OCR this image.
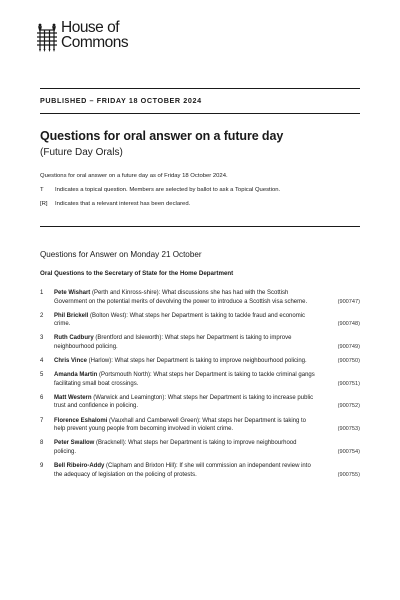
House of
Commons
PUBLISHED – FRIDAY 18 OCTOBER 2024
Questions for oral answer on a future day
(Future Day Orals)
Questions for oral answer on a future day as of Friday 18 October 2024.
T	Indicates a topical question. Members are selected by ballot to ask a Topical Question.
[R]	Indicates that a relevant interest has been declared.
Questions for Answer on Monday 21 October
Oral Questions to the Secretary of State for the Home Department
1	Pete Wishart (Perth and Kinross-shire): What discussions she has had with the Scottish Government on the potential merits of devolving the power to introduce a Scottish visa scheme.	(900747)
2	Phil Brickell (Bolton West): What steps her Department is taking to tackle fraud and economic crime.	(900748)
3	Ruth Cadbury (Brentford and Isleworth): What steps her Department is taking to improve neighbourhood policing.	(900749)
4	Chris Vince (Harlow): What steps her Department is taking to improve neighbourhood policing.	(900750)
5	Amanda Martin (Portsmouth North): What steps her Department is taking to tackle criminal gangs facilitating small boat crossings.	(900751)
6	Matt Western (Warwick and Leamington): What steps her Department is taking to increase public trust and confidence in policing.	(900752)
7	Florence Eshalomi (Vauxhall and Camberwell Green): What steps her Department is taking to help prevent young people from becoming involved in violent crime.	(900753)
8	Peter Swallow (Bracknell): What steps her Department is taking to improve neighbourhood policing.	(900754)
9	Bell Ribeiro-Addy (Clapham and Brixton Hill): If she will commission an independent review into the adequacy of legislation on the policing of protests.	(900755)
